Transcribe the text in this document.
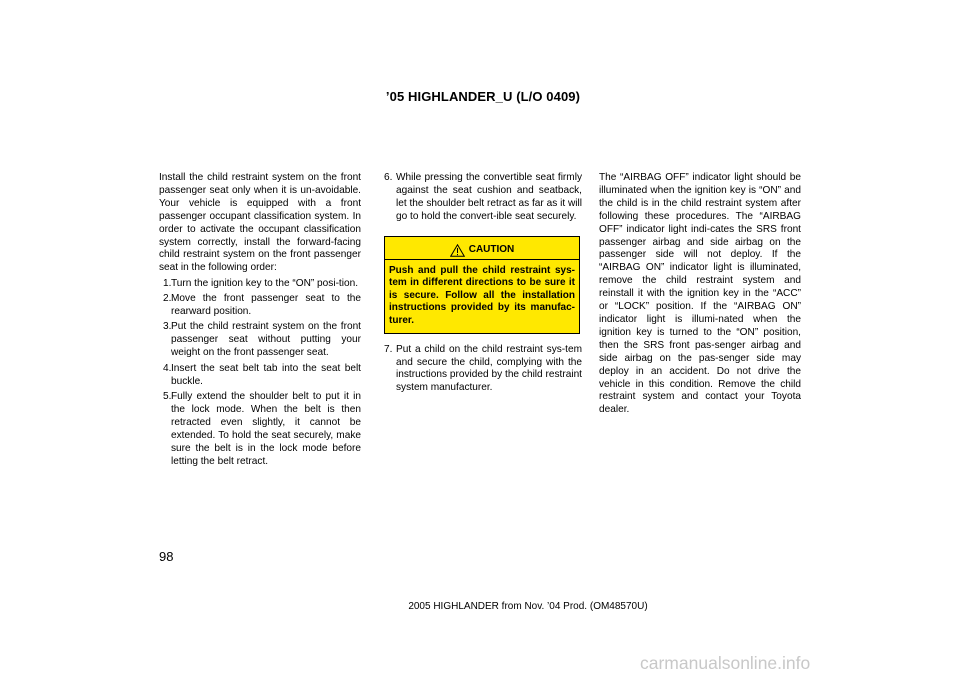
’05 HIGHLANDER_U (L/O 0409)

Install the child restraint system on the front passenger seat only when it is un-avoidable. Your vehicle is equipped with a front passenger occupant classification system. In order to activate the occupant classification system correctly, install the forward-facing child restraint system on the front passenger seat in the following order:

1. Turn the ignition key to the “ON” posi-tion.
2. Move the front passenger seat to the rearward position.
3. Put the child restraint system on the front passenger seat without putting your weight on the front passenger seat.
4. Insert the seat belt tab into the seat belt buckle.
5. Fully extend the shoulder belt to put it in the lock mode. When the belt is then retracted even slightly, it cannot be extended. To hold the seat securely, make sure the belt is in the lock mode before letting the belt retract.
6. While pressing the convertible seat firmly against the seat cushion and seatback, let the shoulder belt retract as far as it will go to hold the convert-ible seat securely.
CAUTION
Push and pull the child restraint sys-tem in different directions to be sure it is secure. Follow all the installation instructions provided by its manufac-turer.
7. Put a child on the child restraint sys-tem and secure the child, complying with the instructions provided by the child restraint system manufacturer.

The “AIRBAG OFF” indicator light should be illuminated when the ignition key is “ON” and the child is in the child restraint system after following these procedures. The “AIRBAG OFF” indicator light indi-cates the SRS front passenger airbag and side airbag on the passenger side will not deploy. If the “AIRBAG ON” indicator light is illuminated, remove the child restraint system and reinstall it with the ignition key in the “ACC” or “LOCK” position. If the “AIRBAG ON” indicator light is illumi-nated when the ignition key is turned to the “ON” position, then the SRS front pas-senger airbag and side airbag on the pas-senger side may deploy in an accident. Do not drive the vehicle in this condition. Remove the child restraint system and contact your Toyota dealer.

98
2005 HIGHLANDER from Nov. ’04 Prod. (OM48570U)
carmanualsonline.info
